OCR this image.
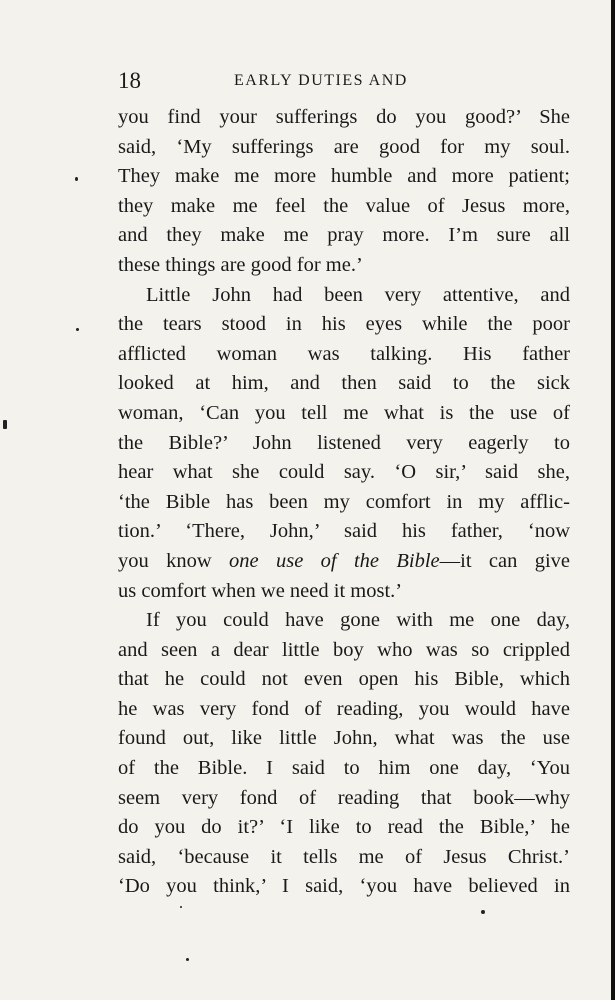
18	EARLY DUTIES AND
you find your sufferings do you good?’ She
said, ‘My sufferings are good for my soul.
They make me more humble and more patient;
they make me feel the value of Jesus more,
and they make me pray more. I’m sure all
these things are good for me.’
Little John had been very attentive, and
the tears stood in his eyes while the poor
afflicted woman was talking. His father
looked at him, and then said to the sick
woman, ‘Can you tell me what is the use of
the Bible?’ John listened very eagerly to
hear what she could say. ‘O sir,’ said she,
‘the Bible has been my comfort in my afflic-
tion.’ ‘There, John,’ said his father, ‘now
you know one use of the Bible—it can give
us comfort when we need it most.’
If you could have gone with me one day,
and seen a dear little boy who was so crippled
that he could not even open his Bible, which
he was very fond of reading, you would have
found out, like little John, what was the use
of the Bible. I said to him one day, ‘You
seem very fond of reading that book—why
do you do it?’ ‘I like to read the Bible,’ he
said, ‘because it tells me of Jesus Christ.’
‘Do you think,’ I said, ‘you have believed in
